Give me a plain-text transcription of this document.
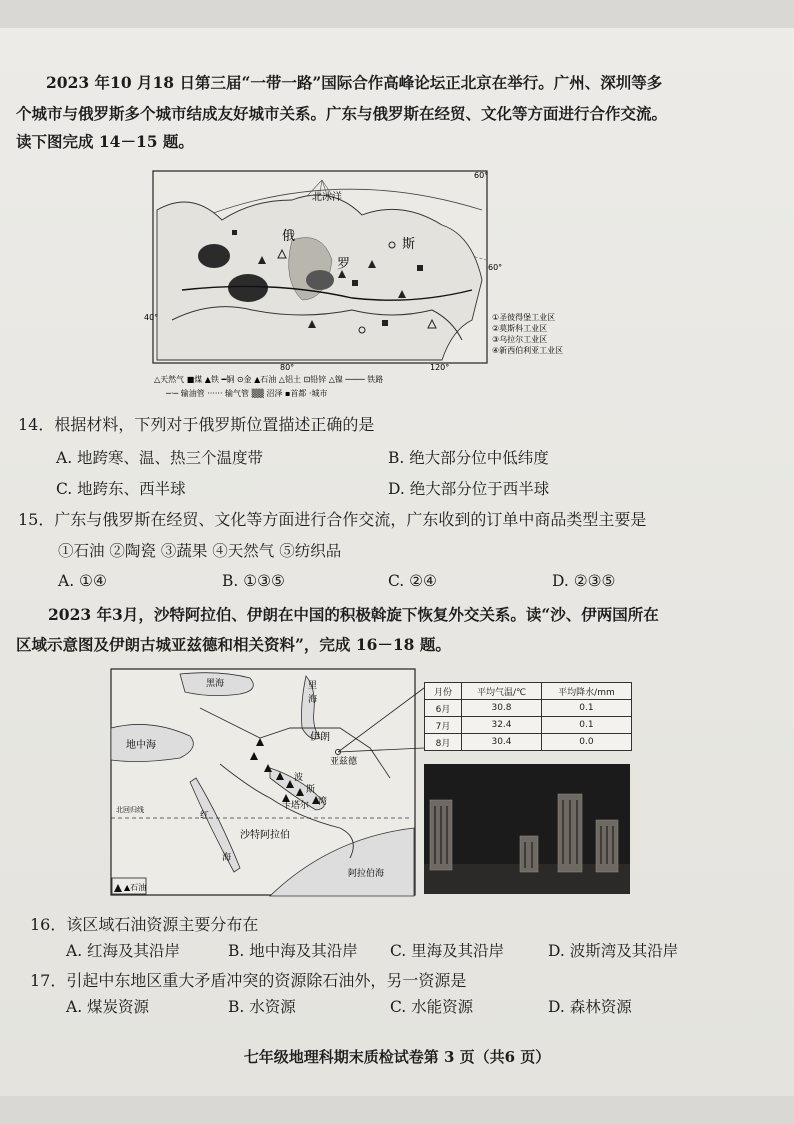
2023 年10 月18 日第三届“一带一路”国际合作高峰论坛正北京在举行。广州、深圳等多
个城市与俄罗斯多个城市结成友好城市关系。广东与俄罗斯在经贸、文化等方面进行合作交流。
读下图完成 14－15 题。
北冰洋
俄
罗
斯
60°
60°
40°
80°	120°
①圣彼得堡工业区
②莫斯科工业区
③乌拉尔工业区
④新西伯利亚工业区
△天然气 ■煤 ▲铁 ━铜 ⊙金 ▲石油 △铝土 ⊡铅锌 △镍 ──── 铁路
─·─ 输油管 ······ 输气管 ▒▒ 沼泽 ▪首都 ·城市
14．根据材料，下列对于俄罗斯位置描述正确的是
A. 地跨寒、温、热三个温度带	B. 绝大部分位中低纬度
C. 地跨东、西半球	D. 绝大部分位于西半球
15．广东与俄罗斯在经贸、文化等方面进行合作交流，广东收到的订单中商品类型主要是
①石油 ②陶瓷 ③蔬果 ④天然气 ⑤纺织品
A. ①④	B. ①③⑤	C. ②④	D. ②③⑤
2023 年3月，沙特阿拉伯、伊朗在中国的积极斡旋下恢复外交关系。读“沙、伊两国所在
区域示意图及伊朗古城亚兹德和相关资料”，完成 16－18 题。
黑海	里
海
地中海
伊朗
亚兹德
波
斯
湾
卡塔尔
北回归线
红
海
沙特阿拉伯
阿拉伯海
▲石油
月份	平均气温/℃	平均降水/mm
6月	30.8	0.1
7月	32.4	0.1
8月	30.4	0.0
16．该区域石油资源主要分布在
A. 红海及其沿岸	B. 地中海及其沿岸 C. 里海及其沿岸	D. 波斯湾及其沿岸
17．引起中东地区重大矛盾冲突的资源除石油外，另一资源是
A. 煤炭资源	B. 水资源	C. 水能资源	D. 森林资源
七年级地理科期末质检试卷第 3 页（共6 页）
